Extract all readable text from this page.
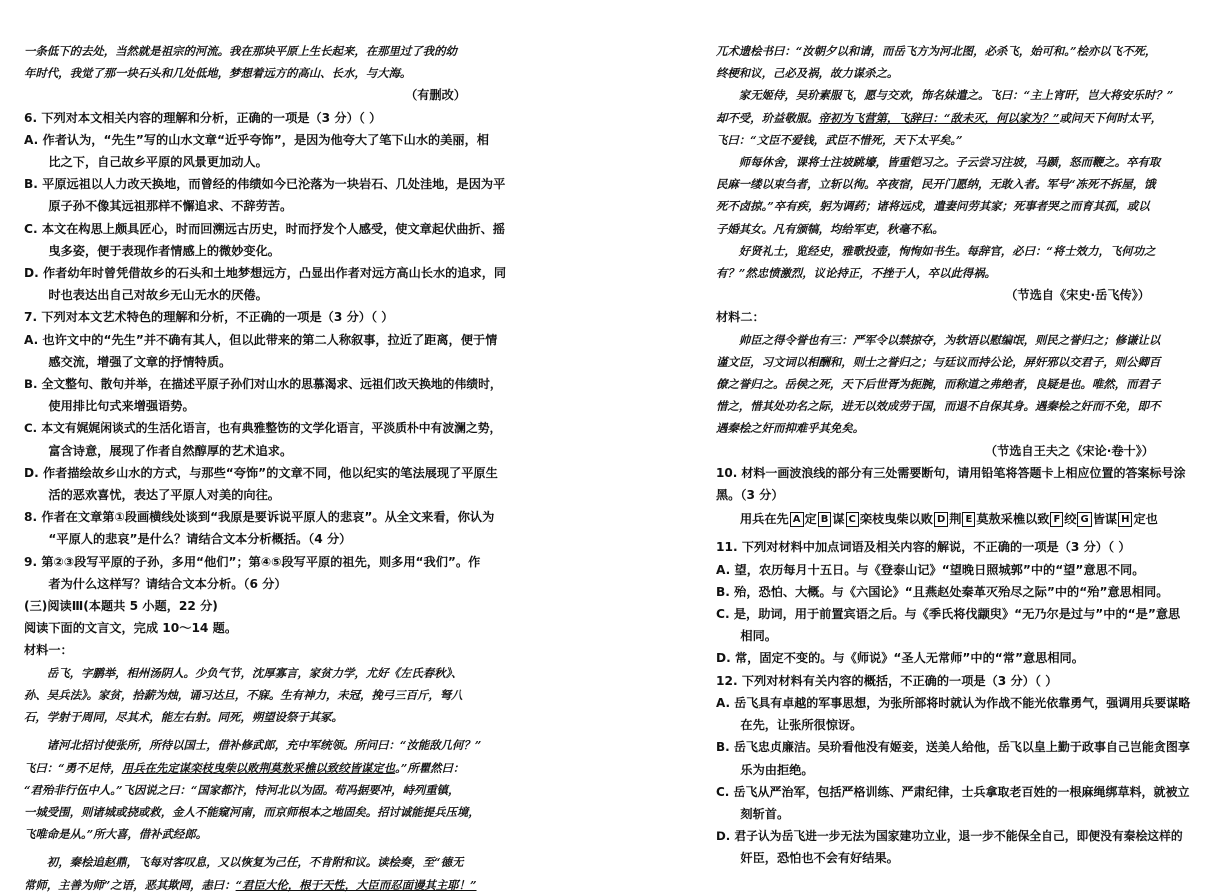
一条低下的去处，当然就是祖宗的河流。我在那块平原上生长起来，在那里过了我的幼

年时代，我觉了那一块石头和几处低地，梦想着远方的高山、长水，与大海。

（有删改）

6. 下列对本文相关内容的理解和分析，正确的一项是（3 分）（ ）

A. 作者认为，“先生”写的山水文章“近乎夸饰”，是因为他夸大了笔下山水的美丽，相

比之下，自己故乡平原的风景更加动人。

B. 平原远祖以人力改天换地，而曾经的伟绩如今已沦落为一块岩石、几处洼地，是因为平

原子孙不像其远祖那样不懈追求、不辞劳苦。

C. 本文在构思上颇具匠心，时而回溯远古历史，时而抒发个人感受，使文章起伏曲折、摇

曳多姿，便于表现作者情感上的微妙变化。

D. 作者幼年时曾凭借故乡的石头和土地梦想远方，凸显出作者对远方高山长水的追求，同

时也表达出自己对故乡无山无水的厌倦。

7. 下列对本文艺术特色的理解和分析，不正确的一项是（3 分）（ ）

A. 也许文中的“先生”并不确有其人，但以此带来的第二人称叙事，拉近了距离，便于情

感交流，增强了文章的抒情特质。

B. 全文整句、散句并举，在描述平原子孙们对山水的思慕渴求、远祖们改天换地的伟绩时，

使用排比句式来增强语势。

C. 本文有娓娓闲谈式的生活化语言，也有典雅整饬的文学化语言，平淡质朴中有波澜之势，

富含诗意，展现了作者自然醇厚的艺术追求。

D. 作者描绘故乡山水的方式，与那些“夸饰”的文章不同，他以纪实的笔法展现了平原生

活的恶欢喜忧，表达了平原人对美的向往。

8. 作者在文章第①段画横线处谈到“我原是要诉说平原人的悲哀”。从全文来看，你认为

“平原人的悲哀”是什么？请结合文本分析概括。（4 分）

9. 第②③段写平原的子孙，多用“他们”；第④⑤段写平原的祖先，则多用“我们”。作

者为什么这样写？请结合文本分析。（6 分）

(三)阅读Ⅲ(本题共 5 小题，22 分)

阅读下面的文言文，完成 10～14 题。

材料一：

岳飞，字鹏举，相州汤阴人。少负气节，沈厚寡言，家贫力学，尤好《左氏春秋》、

孙、吴兵法》。家贫，拾薪为烛，诵习达旦，不寐。生有神力，未冠，挽弓三百斤，弩八

石，学射于周同，尽其术，能左右射。同死，朔望设祭于其冢。

诸河北招讨使张所，所待以国士，借补修武郎，充中军统领。所问曰：“汝能敌几何？”

飞曰：“勇不足恃，用兵在先定谋栾枝曳柴以败荆莫敖采樵以致绞皆谋定也。”所瞿然曰：

“君殆非行伍中人。”飞因说之曰：“国家都汴，恃河北以为固。苟冯据要冲，峙列重镇，

一城受围，则诸城或挠或救，金人不能窥河南，而京师根本之地固矣。招讨诚能提兵压境，

飞唯命是从。”所大喜，借补武经郎。

初，秦桧追赵鼎，飞每对客叹息，又以恢复为己任，不肯附和议。读桧奏，至“德无

常师，主善为师”之语，恶其欺罔，恚曰：“君臣大伦，根于天性，大臣而忍面谩其主耶！”

兀术遗桧书曰：“汝朝夕以和请，而岳飞方为河北图，必杀飞，始可和。”桧亦以飞不死，

终梗和议，己必及祸，故力谋杀之。

家无姬侍，吴玠素服飞，愿与交欢，饰名妹遣之。飞曰：“主上宵旰，岂大将安乐时？”

却不受，玠益敬服。帝初为飞营第，飞辞曰：“敌未灭，何以家为？”或问天下何时太平，

飞曰：“文臣不爱钱，武臣不惜死，天下太平矣。”

师每休舍，课将士注坡跳壕，皆重铠习之。子云尝习注坡，马踬，怒而鞭之。卒有取

民麻一缕以束刍者，立斩以徇。卒夜宿，民开门愿纳，无敢入者。军号“冻死不拆屋，饿

死不卤掠。”卒有疾，躬为调药；诸将远戍，遣妻问劳其家；死事者哭之而育其孤，或以

子婚其女。凡有颁犒，均给军吏，秋毫不私。

好贤礼士，览经史，雅歌投壶，恂恂如书生。每辞官，必曰：“将士效力，飞何功之

有？”然忠愤激烈，议论持正，不挫于人，卒以此得祸。

（节选自《宋史·岳飞传》）

材料二：

帅臣之得令誉也有三：严军令以禁掠夺，为软语以慰编氓，则民之誉归之；修谦让以

谨文臣，习文词以相酬和，则士之誉归之；与廷议而持公论，屏奸邪以交君子，则公卿百

僚之誉归之。岳侯之死，天下后世胥为扼腕，而称道之弗绝者，良疑是也。唯然，而君子

惜之，惜其处功名之际，进无以效成劳于国，而退不自保其身。遇秦桧之奸而不免，即不

遇秦桧之奸而抑难乎其免矣。

（节选自王夫之《宋论·卷十》）

10. 材料一画波浪线的部分有三处需要断句，请用铅笔将答题卡上相应位置的答案标号涂

黑。（3 分）

用兵在先 A 定 B 谋 C 栾枝曳柴以败 D 荆 E 莫敖采樵以致 F 绞 G 皆谋 H 定也

11. 下列对材料中加点词语及相关内容的解说，不正确的一项是（3 分）（ ）

A. 望，农历每月十五日。与《登泰山记》“望晚日照城郭”中的“望”意思不同。

B. 殆，恐怕、大概。与《六国论》“且燕赵处秦革灭殆尽之际”中的“殆”意思相同。

C. 是，助词，用于前置宾语之后。与《季氏将伐颛臾》“无乃尔是过与”中的“是”意思

相同。

D. 常，固定不变的。与《师说》“圣人无常师”中的“常”意思相同。

12. 下列对材料有关内容的概括，不正确的一项是（3 分）（ ）

A. 岳飞具有卓越的军事思想，为张所部将时就认为作战不能光依靠勇气，强调用兵要谋略

在先，让张所很惊讶。

B. 岳飞忠贞廉洁。吴玠看他没有姬妾，送美人给他，岳飞以皇上勤于政事自己岂能贪图享

乐为由拒绝。

C. 岳飞从严治军，包括严格训练、严肃纪律，士兵拿取老百姓的一根麻绳绑草料，就被立

刻斩首。

D. 君子认为岳飞进一步无法为国家建功立业，退一步不能保全自己，即便没有秦桧这样的

奸臣，恐怕也不会有好结果。
